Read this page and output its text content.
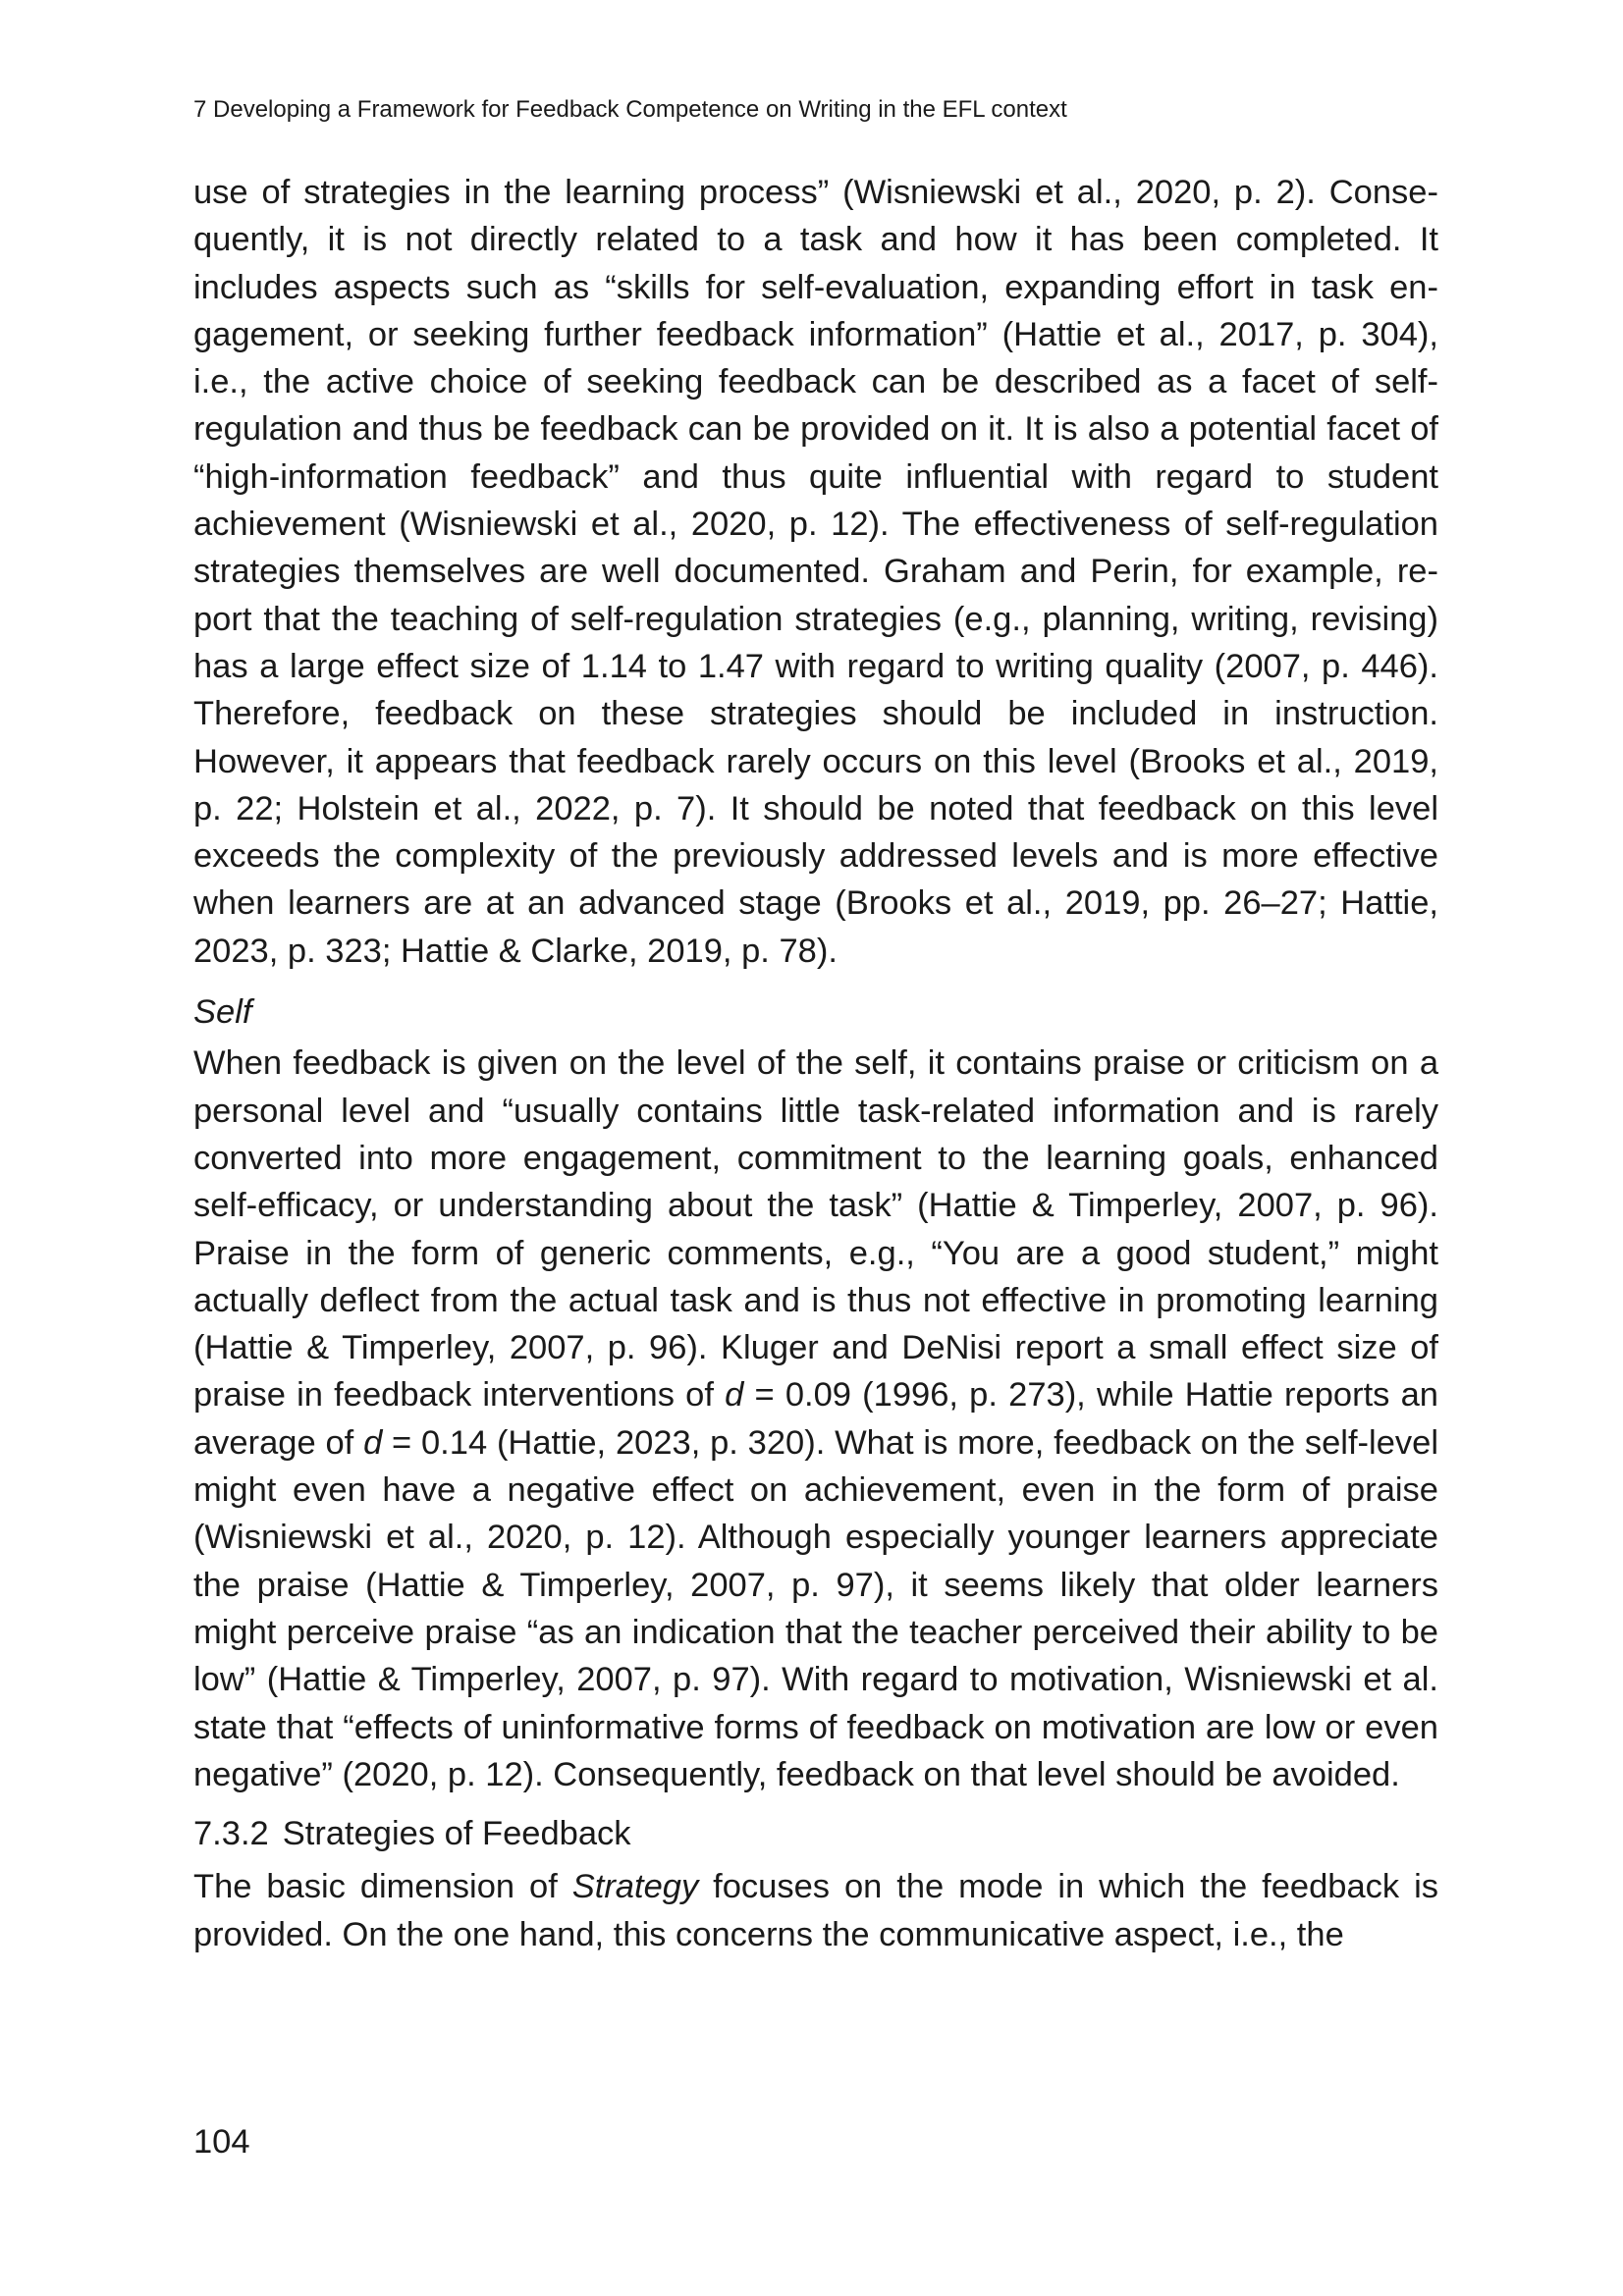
7 Developing a Framework for Feedback Competence on Writing in the EFL context

use of strategies in the learning process” (Wisniewski et al., 2020, p. 2). Consequently, it is not directly related to a task and how it has been completed. It includes aspects such as “skills for self-evaluation, expanding effort in task engagement, or seeking further feedback information” (Hattie et al., 2017, p. 304), i.e., the active choice of seeking feedback can be described as a facet of self-regulation and thus be feedback can be provided on it. It is also a potential facet of “high-information feedback” and thus quite influential with regard to student achievement (Wisniewski et al., 2020, p. 12). The effectiveness of self-regulation strategies themselves are well documented. Graham and Perin, for example, report that the teaching of self-regulation strategies (e.g., planning, writing, revising) has a large effect size of 1.14 to 1.47 with regard to writing quality (2007, p. 446). Therefore, feedback on these strategies should be included in instruction. However, it appears that feedback rarely occurs on this level (Brooks et al., 2019, p. 22; Holstein et al., 2022, p. 7). It should be noted that feedback on this level exceeds the complexity of the previously addressed levels and is more effective when learners are at an advanced stage (Brooks et al., 2019, pp. 26–27; Hattie, 2023, p. 323; Hattie & Clarke, 2019, p. 78).

Self

When feedback is given on the level of the self, it contains praise or criticism on a personal level and “usually contains little task-related information and is rarely converted into more engagement, commitment to the learning goals, enhanced self-efficacy, or understanding about the task” (Hattie & Timperley, 2007, p. 96). Praise in the form of generic comments, e.g., “You are a good student,” might actually deflect from the actual task and is thus not effective in promoting learning (Hattie & Timperley, 2007, p. 96). Kluger and DeNisi report a small effect size of praise in feedback interventions of d = 0.09 (1996, p. 273), while Hattie reports an average of d = 0.14 (Hattie, 2023, p. 320). What is more, feedback on the self-level might even have a negative effect on achievement, even in the form of praise (Wisniewski et al., 2020, p. 12). Although especially younger learners appreciate the praise (Hattie & Timperley, 2007, p. 97), it seems likely that older learners might perceive praise “as an indication that the teacher perceived their ability to be low” (Hattie & Timperley, 2007, p. 97). With regard to motivation, Wisniewski et al. state that “effects of uninformative forms of feedback on motivation are low or even negative” (2020, p. 12). Consequently, feedback on that level should be avoided.

7.3.2 Strategies of Feedback

The basic dimension of Strategy focuses on the mode in which the feedback is provided. On the one hand, this concerns the communicative aspect, i.e., the

104
